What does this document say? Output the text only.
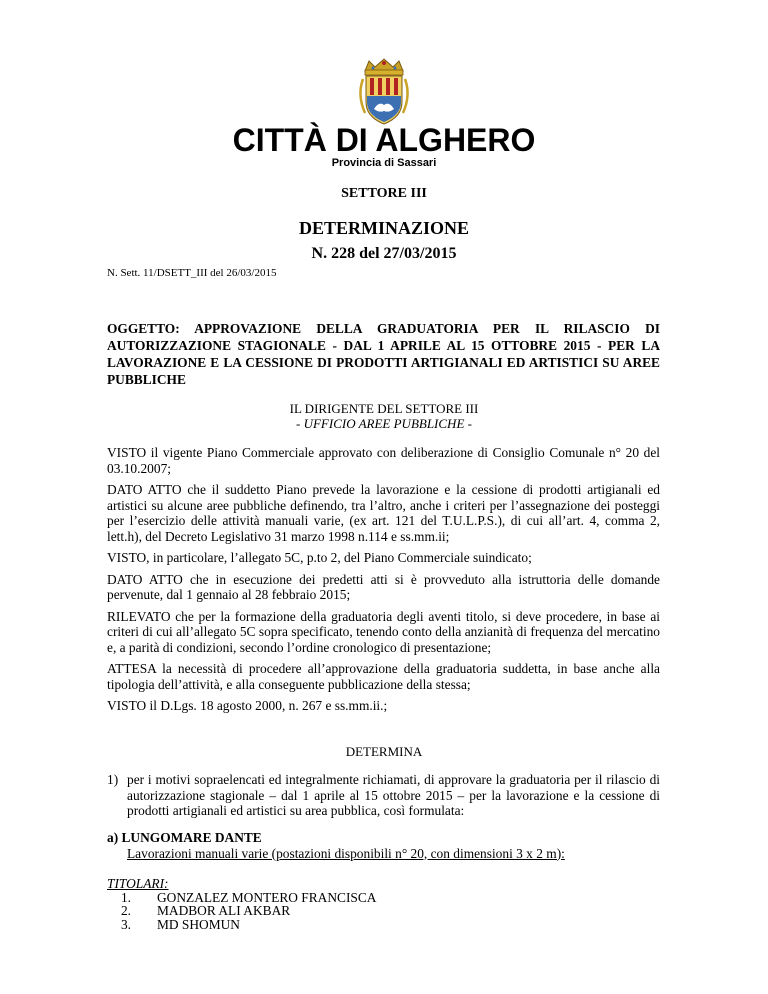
CITTÀ DI ALGHERO
Provincia di Sassari
SETTORE III
DETERMINAZIONE
N. 228 del 27/03/2015
N. Sett. 11/DSETT_III del 26/03/2015
OGGETTO: APPROVAZIONE DELLA GRADUATORIA PER IL RILASCIO DI AUTORIZZAZIONE STAGIONALE - DAL 1 APRILE AL 15 OTTOBRE 2015 - PER LA LAVORAZIONE E LA CESSIONE DI PRODOTTI ARTIGIANALI ED ARTISTICI SU AREE PUBBLICHE
IL DIRIGENTE DEL SETTORE III
- UFFICIO AREE PUBBLICHE -

VISTO il vigente Piano Commerciale approvato con deliberazione di Consiglio Comunale n° 20 del 03.10.2007;

DATO ATTO che il suddetto Piano prevede la lavorazione e la cessione di prodotti artigianali ed artistici su alcune aree pubbliche definendo, tra l’altro, anche i criteri per l’assegnazione dei posteggi per l’esercizio delle attività manuali varie, (ex art. 121 del T.U.L.P.S.), di cui all’art. 4, comma 2, lett.h), del Decreto Legislativo 31 marzo 1998 n.114 e ss.mm.ii;

VISTO, in particolare, l’allegato 5C, p.to 2, del Piano Commerciale suindicato;

DATO ATTO che in esecuzione dei predetti atti si è provveduto alla istruttoria delle domande pervenute, dal 1 gennaio al 28 febbraio 2015;

RILEVATO che per la formazione della graduatoria degli aventi titolo, si deve procedere, in base ai criteri di cui all’allegato 5C sopra specificato, tenendo conto della anzianità di frequenza del mercatino e, a parità di condizioni, secondo l’ordine cronologico di presentazione;

ATTESA la necessità di procedere all’approvazione della graduatoria suddetta, in base anche alla tipologia dell’attività, e alla conseguente pubblicazione della stessa;

VISTO il D.Lgs. 18 agosto 2000, n. 267 e ss.mm.ii.;

DETERMINA
1) per i motivi sopraelencati ed integralmente richiamati, di approvare la graduatoria per il rilascio di autorizzazione stagionale – dal 1 aprile al 15 ottobre 2015 – per la lavorazione e la cessione di prodotti artigianali ed artistici su area pubblica, così formulata:
a) LUNGOMARE DANTE
Lavorazioni manuali varie (postazioni disponibili n° 20, con dimensioni 3 x 2 m):
TITOLARI:
1. GONZALEZ MONTERO FRANCISCA
2. MADBOR ALI AKBAR
3. MD SHOMUN
